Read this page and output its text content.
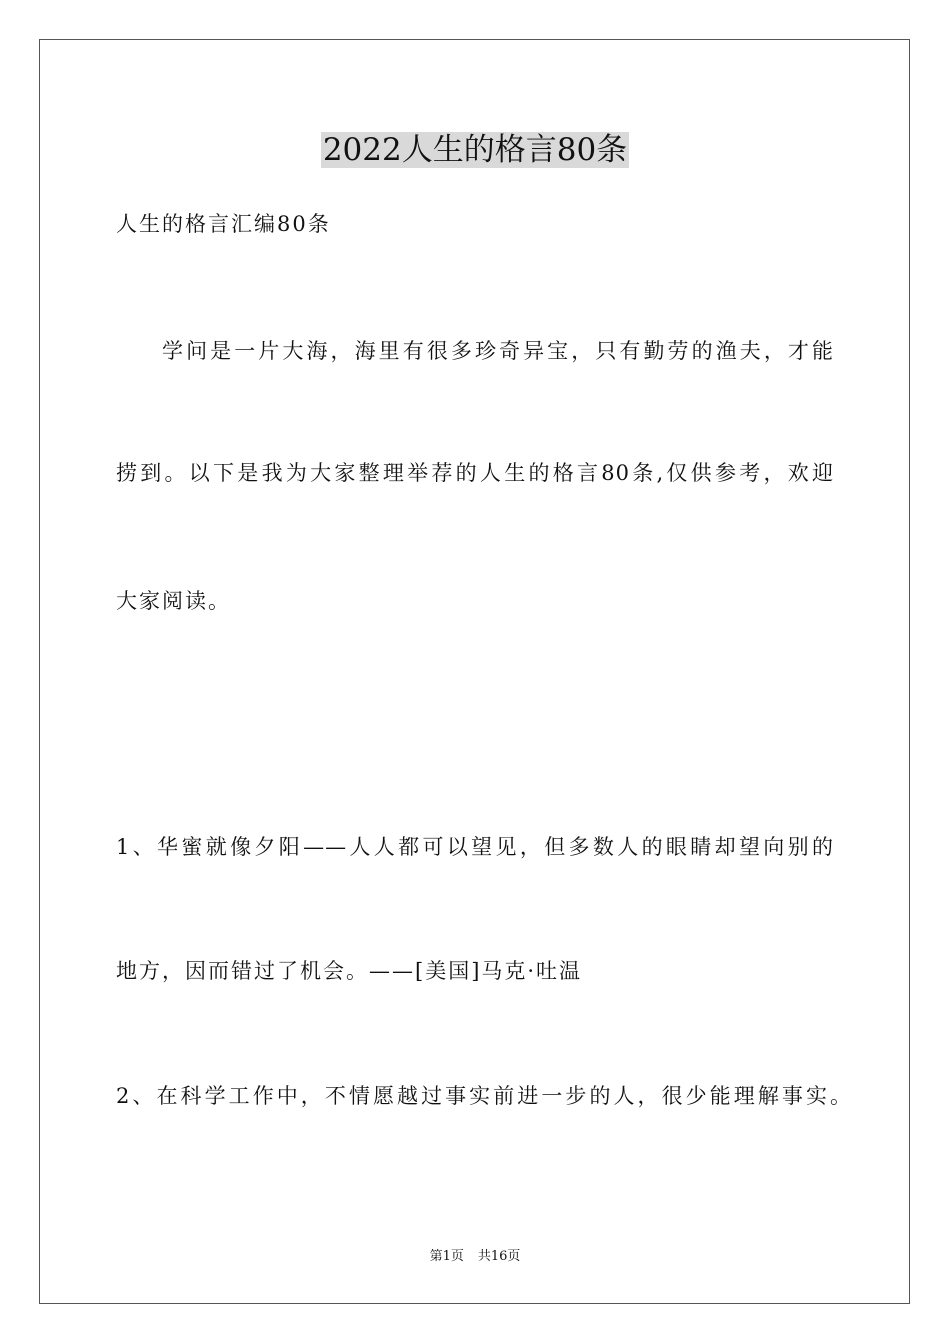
2022人生的格言80条

人生的格言汇编80条

学问是一片大海，海里有很多珍奇异宝，只有勤劳的渔夫，才能

捞到。以下是我为大家整理举荐的人生的格言80条,仅供参考，欢迎

大家阅读。

1、华蜜就像夕阳——人人都可以望见，但多数人的眼睛却望向别的

地方，因而错过了机会。——[美国]马克·吐温

2、在科学工作中，不情愿越过事实前进一步的人，很少能理解事实。

第1页 共16页
